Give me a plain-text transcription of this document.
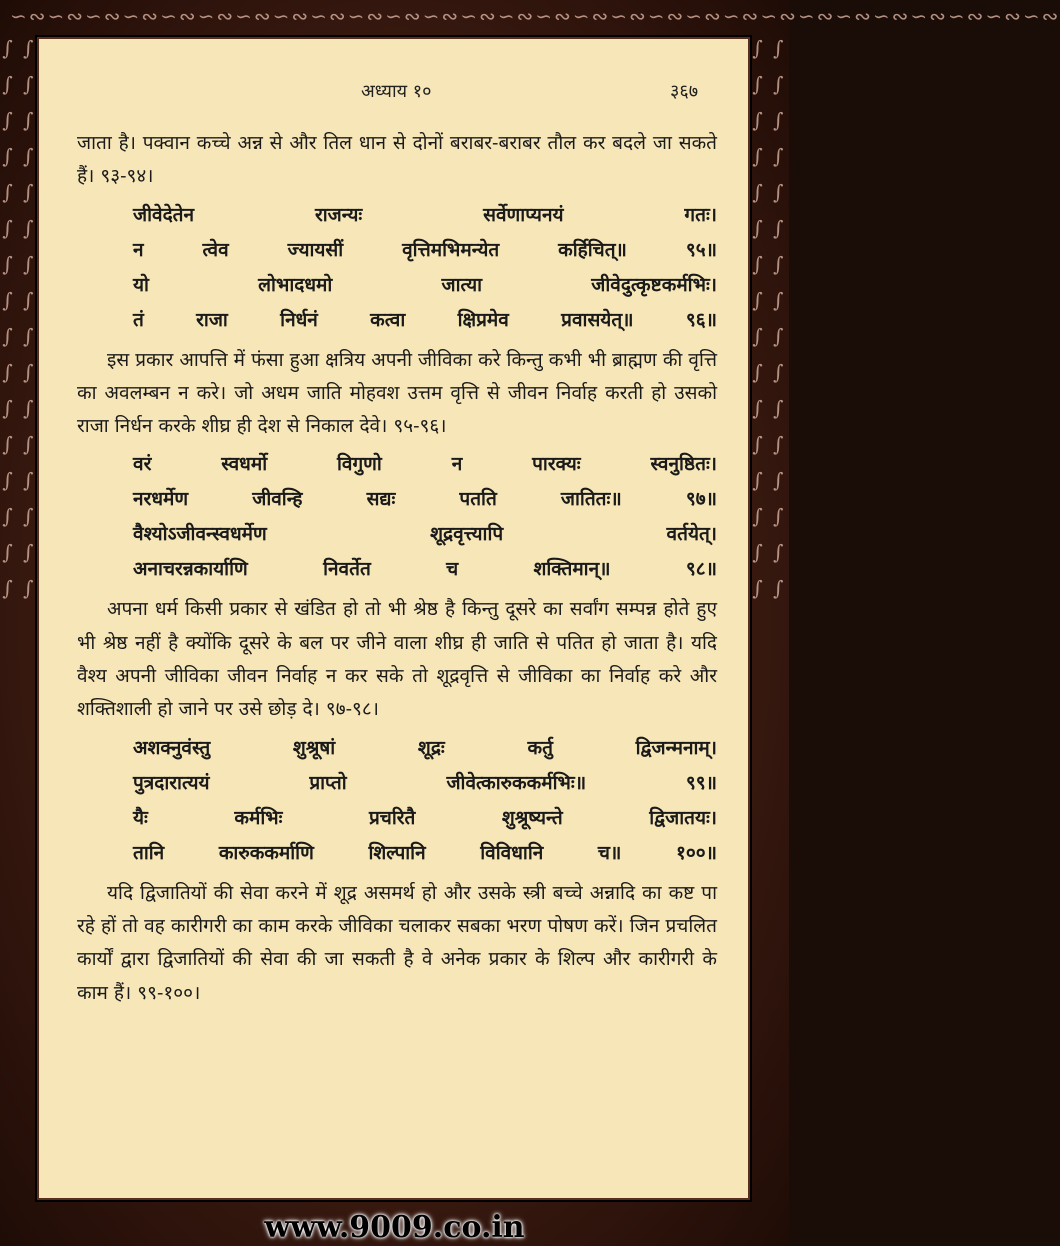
∽∾∽∾∽∾∽∾∽∾∽∾∽∾∽∾∽∾∽∾∽∾∽∾∽∾∽∾∽∾∽∾∽∾∽∾∽∾∽∾∽∾∽∾∽∾∽∾∽∾∽∾∽∾∽∾
∫ ∫ ∫ ∫ ∫ ∫ ∫ ∫ ∫ ∫ ∫ ∫ ∫ ∫ ∫ ∫ ∫ ∫ ∫ ∫ ∫ ∫ ∫ ∫ ∫ ∫ ∫ ∫ ∫ ∫ ∫ ∫
∫ ∫ ∫ ∫ ∫ ∫ ∫ ∫ ∫ ∫ ∫ ∫ ∫ ∫ ∫ ∫ ∫ ∫ ∫ ∫ ∫ ∫ ∫ ∫ ∫ ∫ ∫ ∫ ∫ ∫ ∫ ∫
अध्याय १०	३६७

जाता है। पक्वान कच्चे अन्न से और तिल धान से दोनों बराबर-बराबर तौल कर बदले जा सकते हैं। ९३-९४।

जीवेदेतेन राजन्यः सर्वेणाप्यनयं गतः।

न त्वेव ज्यायसीं वृत्तिमभिमन्येत कर्हिचित्॥ ९५॥

यो लोभादधमो जात्या जीवेदुत्कृष्टकर्मभिः।

तं राजा निर्धनं कत्वा क्षिप्रमेव प्रवासयेत्॥ ९६॥

इस प्रकार आपत्ति में फंसा हुआ क्षत्रिय अपनी जीविका करे किन्तु कभी भी ब्राह्मण की वृत्ति का अवलम्बन न करे। जो अधम जाति मोहवश उत्तम वृत्ति से जीवन निर्वाह करती हो उसको राजा निर्धन करके शीघ्र ही देश से निकाल देवे। ९५-९६।

वरं स्वधर्मो विगुणो न पारक्यः स्वनुष्ठितः।

नरधर्मेण जीवन्हि सद्यः पतति जातितः॥ ९७॥

वैश्योऽजीवन्स्वधर्मेण शूद्रवृत्त्यापि वर्तयेत्।

अनाचरन्नकार्याणि निवर्तेत च शक्तिमान्॥ ९८॥

अपना धर्म किसी प्रकार से खंडित हो तो भी श्रेष्ठ है किन्तु दूसरे का सर्वांग सम्पन्न होते हुए भी श्रेष्ठ नहीं है क्योंकि दूसरे के बल पर जीने वाला शीघ्र ही जाति से पतित हो जाता है। यदि वैश्य अपनी जीविका जीवन निर्वाह न कर सके तो शूद्रवृत्ति से जीविका का निर्वाह करे और शक्तिशाली हो जाने पर उसे छोड़ दे। ९७-९८।

अशक्नुवंस्तु शुश्रूषां शूद्रः कर्तु द्विजन्मनाम्।

पुत्रदारात्ययं प्राप्तो जीवेत्कारुककर्मभिः॥ ९९॥

यैः कर्मभिः प्रचरितै शुश्रूष्यन्ते द्विजातयः।

तानि कारुककर्माणि शिल्पानि विविधानि च॥ १००॥

यदि द्विजातियों की सेवा करने में शूद्र असमर्थ हो और उसके स्त्री बच्चे अन्नादि का कष्ट पा रहे हों तो वह कारीगरी का काम करके जीविका चलाकर सबका भरण पोषण करें। जिन प्रचलित कार्यों द्वारा द्विजातियों की सेवा की जा सकती है वे अनेक प्रकार के शिल्प और कारीगरी के काम हैं। ९९-१००।

www.9009.co.in
